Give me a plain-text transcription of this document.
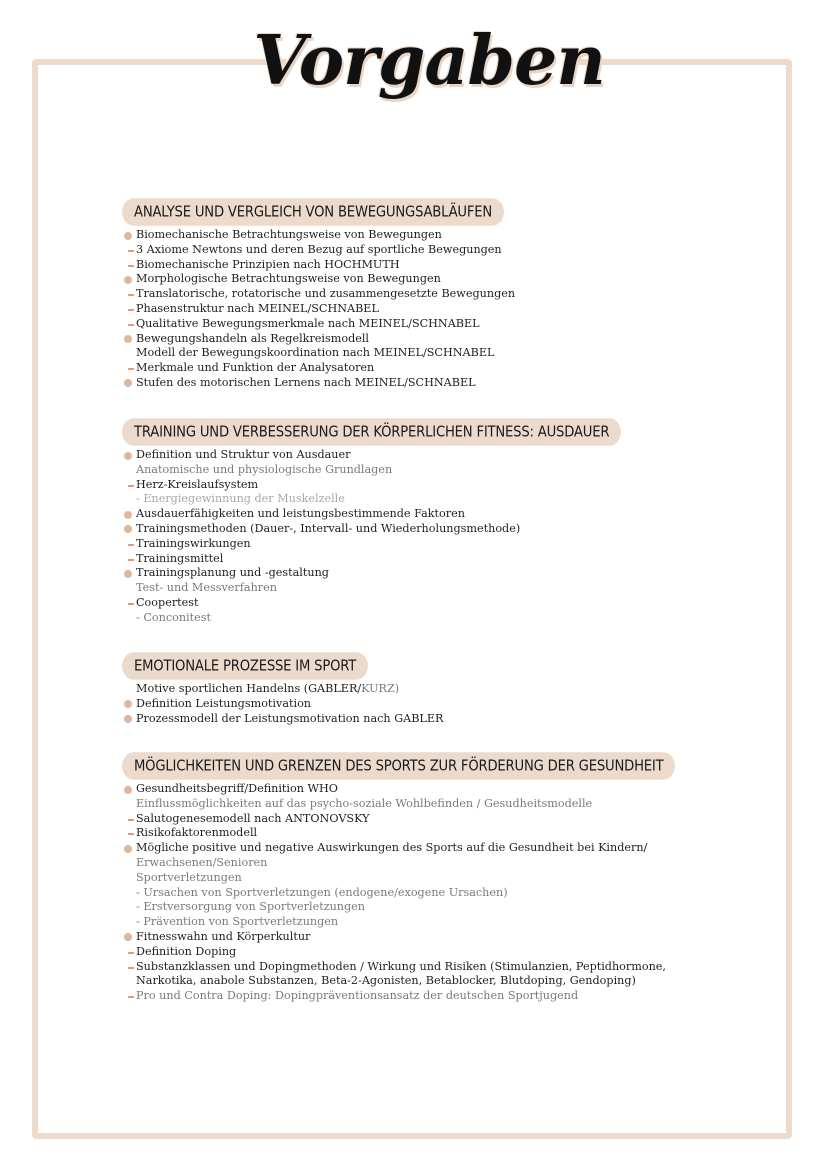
Vorgaben
ANALYSE UND VERGLEICH VON BEWEGUNGSABLÄUFEN
Biomechanische Betrachtungsweise von Bewegungen
3 Axiome Newtons und deren Bezug auf sportliche Bewegungen
Biomechanische Prinzipien nach HOCHMUTH
Morphologische Betrachtungsweise von Bewegungen
Translatorische, rotatorische und zusammengesetzte Bewegungen
Phasenstruktur nach MEINEL/SCHNABEL
Qualitative Bewegungsmerkmale nach MEINEL/SCHNABEL
Bewegungshandeln als Regelkreismodell
Modell der Bewegungskoordination nach MEINEL/SCHNABEL
Merkmale und Funktion der Analysatoren
Stufen des motorischen Lernens nach MEINEL/SCHNABEL
TRAINING UND VERBESSERUNG DER KÖRPERLICHEN FITNESS: AUSDAUER
Definition und Struktur von Ausdauer
Anatomische und physiologische Grundlagen
Herz-Kreislaufsystem
- Energiegewinnung der Muskelzelle
Ausdauerfähigkeiten und leistungsbestimmende Faktoren
Trainingsmethoden (Dauer-, Intervall- und Wiederholungsmethode)
Trainingswirkungen
Trainingsmittel
Trainingsplanung und -gestaltung
Test- und Messverfahren
Coopertest
- Conconitest
EMOTIONALE PROZESSE IM SPORT
Motive sportlichen Handelns (GABLER/KURZ)
Definition Leistungsmotivation
Prozessmodell der Leistungsmotivation nach GABLER
MÖGLICHKEITEN UND GRENZEN DES SPORTS ZUR FÖRDERUNG DER GESUNDHEIT
Gesundheitsbegriff/Definition WHO
Einflussmöglichkeiten auf das psycho-soziale Wohlbefinden / Gesudheitsmodelle
Salutogenesemodell nach ANTONOVSKY
Risikofaktorenmodell
Mögliche positive und negative Auswirkungen des Sports auf die Gesundheit bei Kindern/
Erwachsenen/Senioren
Sportverletzungen
- Ursachen von Sportverletzungen (endogene/exogene Ursachen)
- Erstversorgung von Sportverletzungen
- Prävention von Sportverletzungen
Fitnesswahn und Körperkultur
Definition Doping
Substanzklassen und Dopingmethoden / Wirkung und Risiken (Stimulanzien, Peptidhormone,
Narkotika, anabole Substanzen, Beta-2-Agonisten, Betablocker, Blutdoping, Gendoping)
Pro und Contra Doping: Dopingpräventionsansatz der deutschen Sportjugend
